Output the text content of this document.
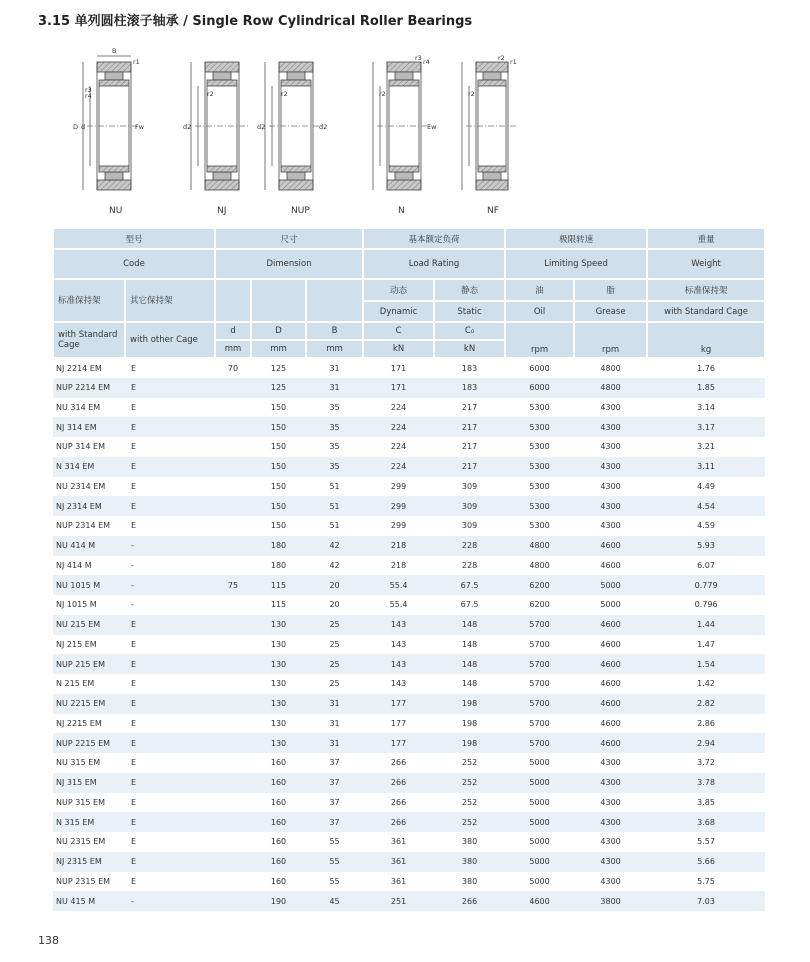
3.15 单列圆柱滚子轴承 / Single Row Cylindrical Roller Bearings
B
r1
r3
r4
D d	Fw
r2
d2
r2
d2	d2
r3 r4
r2
Ew
r2 r1
r2
NU	NJ	NUP	N	NF
型号		尺寸			基本额定负荷		极限转速		重量
Code		Dimension			Load Rating		Limiting Speed		Weight
标准保持架	其它保持架				动态	静态	油	脂	标准保持架
					Dynamic	Static	Oil	Grease	with Standard Cage
with Standard Cage	with other Cage	d	D	B	C	C₀	rpm	rpm	kg
		mm	mm	mm	kN	kN			
NJ 2214 EM	E	70	125	31	171	183	6000	4800	1.76
NUP 2214 EM	E		125	31	171	183	6000	4800	1.85
NU 314 EM	E		150	35	224	217	5300	4300	3.14
NJ 314 EM	E		150	35	224	217	5300	4300	3.17
NUP 314 EM	E		150	35	224	217	5300	4300	3.21
N 314 EM	E		150	35	224	217	5300	4300	3.11
NU 2314 EM	E		150	51	299	309	5300	4300	4.49
NJ 2314 EM	E		150	51	299	309	5300	4300	4.54
NUP 2314 EM	E		150	51	299	309	5300	4300	4.59
NU 414 M	-		180	42	218	228	4800	4600	5.93
NJ 414 M	-		180	42	218	228	4800	4600	6.07
NU 1015 M	-	75	115	20	55.4	67.5	6200	5000	0.779
NJ 1015 M	-		115	20	55.4	67.5	6200	5000	0.796
NU 215 EM	E		130	25	143	148	5700	4600	1.44
NJ 215 EM	E		130	25	143	148	5700	4600	1.47
NUP 215 EM	E		130	25	143	148	5700	4600	1.54
N 215 EM	E		130	25	143	148	5700	4600	1.42
NU 2215 EM	E		130	31	177	198	5700	4600	2.82
NJ 2215 EM	E		130	31	177	198	5700	4600	2.86
NUP 2215 EM	E		130	31	177	198	5700	4600	2.94
NU 315 EM	E		160	37	266	252	5000	4300	3.72
NJ 315 EM	E		160	37	266	252	5000	4300	3.78
NUP 315 EM	E		160	37	266	252	5000	4300	3.85
N 315 EM	E		160	37	266	252	5000	4300	3.68
NU 2315 EM	E		160	55	361	380	5000	4300	5.57
NJ 2315 EM	E		160	55	361	380	5000	4300	5.66
NUP 2315 EM	E		160	55	361	380	5000	4300	5.75
NU 415 M	-		190	45	251	266	4600	3800	7.03
138
